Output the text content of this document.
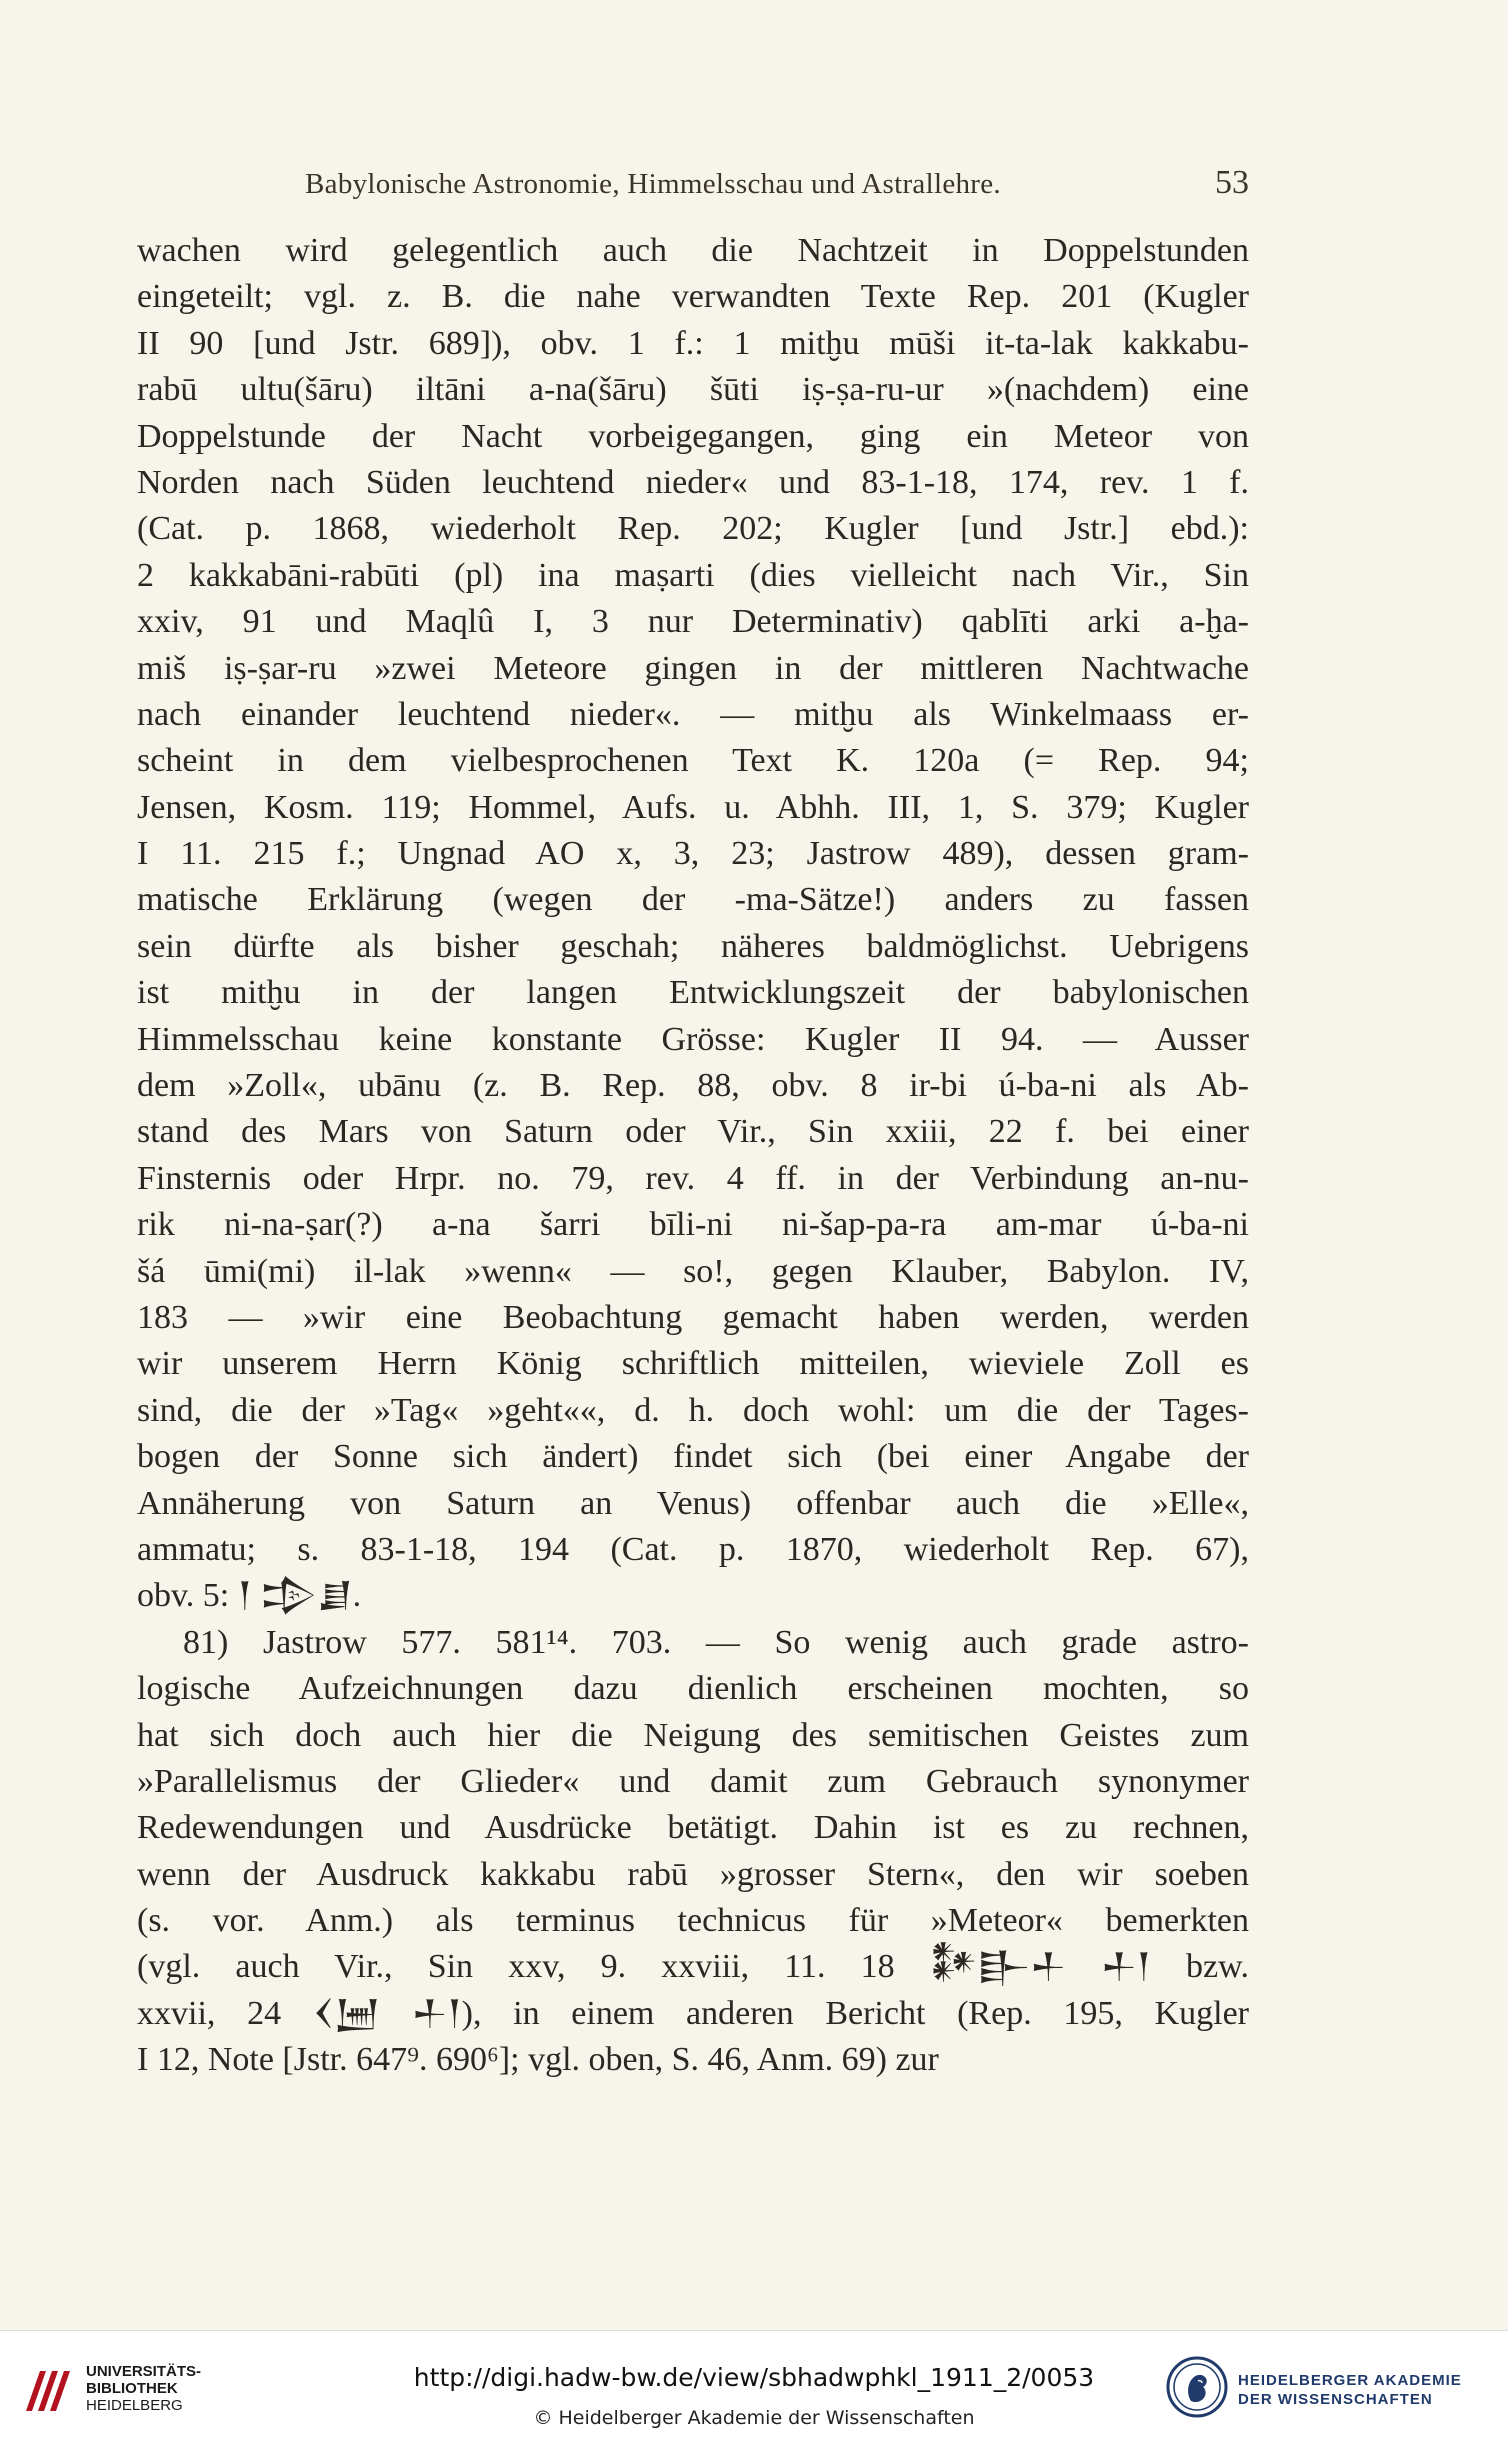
Babylonische Astronomie, Himmelsschau und Astrallehre.	53
wachen wird gelegentlich auch die Nachtzeit in Doppelstunden
eingeteilt; vgl. z. B. die nahe verwandten Texte Rep. 201 (Kugler
II 90 [und Jstr. 689]), obv. 1 f.: 1 mitḫu mūši it-ta-lak kakkabu-
rabū ultu(šāru) iltāni a-na(šāru) šūti iṣ-ṣa-ru-ur »(nachdem) eine
Doppelstunde der Nacht vorbeigegangen, ging ein Meteor von
Norden nach Süden leuchtend nieder« und 83-1-18, 174, rev. 1 f.
(Cat. p. 1868, wiederholt Rep. 202; Kugler [und Jstr.] ebd.):
2 kakkabāni-rabūti (pl) ina maṣarti (dies vielleicht nach Vir., Sin
xxiv, 91 und Maqlû I, 3 nur Determinativ) qablīti arki a-ḫa-
miš iṣ-ṣar-ru »zwei Meteore gingen in der mittleren Nachtwache
nach einander leuchtend nieder«. — mitḫu als Winkelmaass er-
scheint in dem vielbesprochenen Text K. 120a (= Rep. 94;
Jensen, Kosm. 119; Hommel, Aufs. u. Abhh. III, 1, S. 379; Kugler
I 11. 215 f.; Ungnad AO x, 3, 23; Jastrow 489), dessen gram-
matische Erklärung (wegen der -ma-Sätze!) anders zu fassen
sein dürfte als bisher geschah; näheres baldmöglichst. Uebrigens
ist mitḫu in der langen Entwicklungszeit der babylonischen
Himmelsschau keine konstante Grösse: Kugler II 94. — Ausser
dem »Zoll«, ubānu (z. B. Rep. 88, obv. 8 ir-bi ú-ba-ni als Ab-
stand des Mars von Saturn oder Vir., Sin xxiii, 22 f. bei einer
Finsternis oder Hrpr. no. 79, rev. 4 ff. in der Verbindung an-nu-
rik ni-na-ṣar(?) a-na šarri bīli-ni ni-šap-pa-ra am-mar ú-ba-ni
šá ūmi(mi) il-lak »wenn« — so!, gegen Klauber, Babylon. IV,
183 — »wir eine Beobachtung gemacht haben werden, werden
wir unserem Herrn König schriftlich mitteilen, wieviele Zoll es
sind, die der »Tag« »geht««, d. h. doch wohl: um die der Tages-
bogen der Sonne sich ändert) findet sich (bei einer Angabe der
Annäherung von Saturn an Venus) offenbar auch die »Elle«,
ammatu; s. 83-1-18, 194 (Cat. p. 1870, wiederholt Rep. 67),
obv. 5: 𒁹 𒄠𒋗.
81) Jastrow 577. 581¹⁴. 703. — So wenig auch grade astro-
logische Aufzeichnungen dazu dienlich erscheinen mochten, so
hat sich doch auch hier die Neigung des semitischen Geistes zum
»Parallelismus der Glieder« und damit zum Gebrauch synonymer
Redewendungen und Ausdrücke betätigt. Dahin ist es zu rechnen,
wenn der Ausdruck kakkabu rabū »grosser Stern«, den wir soeben
(s. vor. Anm.) als terminus technicus für »Meteor« bemerkten
(vgl. auch Vir., Sin xxv, 9. xxviii, 11. 18 𒀯𒃲𒈦 𒈦𒁹 bzw.
xxvii, 24 𒌋𒅁 𒈦𒁹), in einem anderen Bericht (Rep. 195, Kugler
I 12, Note [Jstr. 647⁹. 690⁶]; vgl. oben, S. 46, Anm. 69) zur
UNIVERSITÄTS-
BIBLIOTHEK
HEIDELBERG
http://digi.hadw-bw.de/view/sbhadwphkl_1911_2/0053
© Heidelberger Akademie der Wissenschaften
HEIDELBERGER AKADEMIE
DER WISSENSCHAFTEN
